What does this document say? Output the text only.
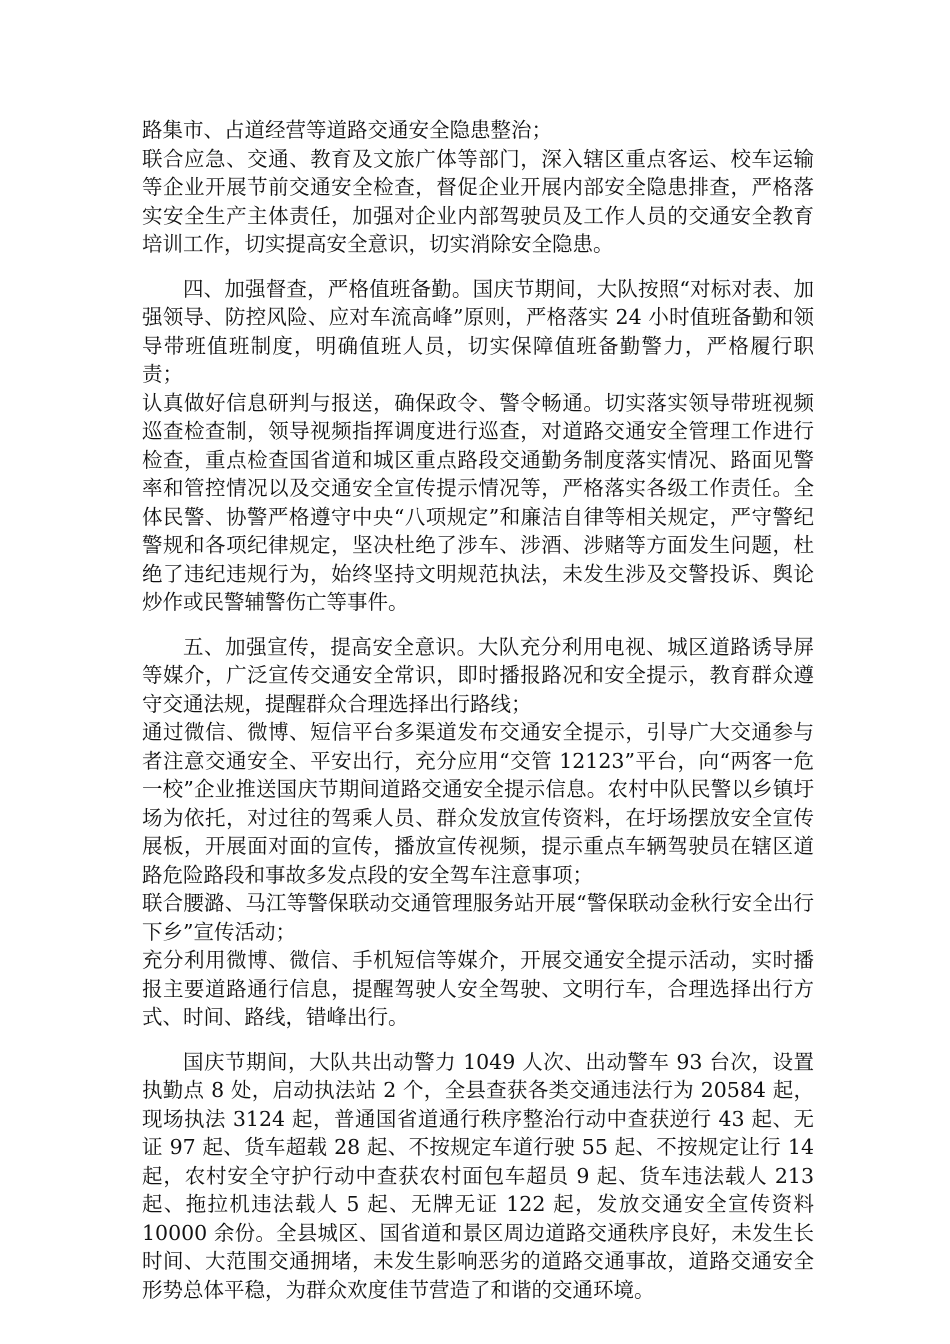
路集市、占道经营等道路交通安全隐患整治；

联合应急、交通、教育及文旅广体等部门，深入辖区重点客运、校车运输等企业开展节前交通安全检查，督促企业开展内部安全隐患排查，严格落实安全生产主体责任，加强对企业内部驾驶员及工作人员的交通安全教育培训工作，切实提高安全意识，切实消除安全隐患。

四、加强督查，严格值班备勤。国庆节期间，大队按照“对标对表、加强领导、防控风险、应对车流高峰”原则，严格落实 24 小时值班备勤和领导带班值班制度，明确值班人员，切实保障值班备勤警力，严格履行职责；

认真做好信息研判与报送，确保政令、警令畅通。切实落实领导带班视频巡查检查制，领导视频指挥调度进行巡查，对道路交通安全管理工作进行检查，重点检查国省道和城区重点路段交通勤务制度落实情况、路面见警率和管控情况以及交通安全宣传提示情况等，严格落实各级工作责任。全体民警、协警严格遵守中央“八项规定”和廉洁自律等相关规定，严守警纪警规和各项纪律规定，坚决杜绝了涉车、涉酒、涉赌等方面发生问题，杜绝了违纪违规行为，始终坚持文明规范执法，未发生涉及交警投诉、舆论炒作或民警辅警伤亡等事件。

五、加强宣传，提高安全意识。大队充分利用电视、城区道路诱导屏等媒介，广泛宣传交通安全常识，即时播报路况和安全提示，教育群众遵守交通法规，提醒群众合理选择出行路线；

通过微信、微博、短信平台多渠道发布交通安全提示，引导广大交通参与者注意交通安全、平安出行，充分应用“交管 12123”平台，向“两客一危一校”企业推送国庆节期间道路交通安全提示信息。农村中队民警以乡镇圩场为依托，对过往的驾乘人员、群众发放宣传资料，在圩场摆放安全宣传展板，开展面对面的宣传，播放宣传视频，提示重点车辆驾驶员在辖区道路危险路段和事故多发点段的安全驾车注意事项；

联合腰潞、马江等警保联动交通管理服务站开展“警保联动金秋行安全出行下乡”宣传活动；

充分利用微博、微信、手机短信等媒介，开展交通安全提示活动，实时播报主要道路通行信息，提醒驾驶人安全驾驶、文明行车，合理选择出行方式、时间、路线，错峰出行。

国庆节期间，大队共出动警力 1049 人次、出动警车 93 台次，设置执勤点 8 处，启动执法站 2 个，全县查获各类交通违法行为 20584 起，现场执法 3124 起，普通国省道通行秩序整治行动中查获逆行 43 起、无证 97 起、货车超载 28 起、不按规定车道行驶 55 起、不按规定让行 14 起，农村安全守护行动中查获农村面包车超员 9 起、货车违法载人 213 起、拖拉机违法载人 5 起、无牌无证 122 起，发放交通安全宣传资料 10000 余份。全县城区、国省道和景区周边道路交通秩序良好，未发生长时间、大范围交通拥堵，未发生影响恶劣的道路交通事故，道路交通安全形势总体平稳，为群众欢度佳节营造了和谐的交通环境。
